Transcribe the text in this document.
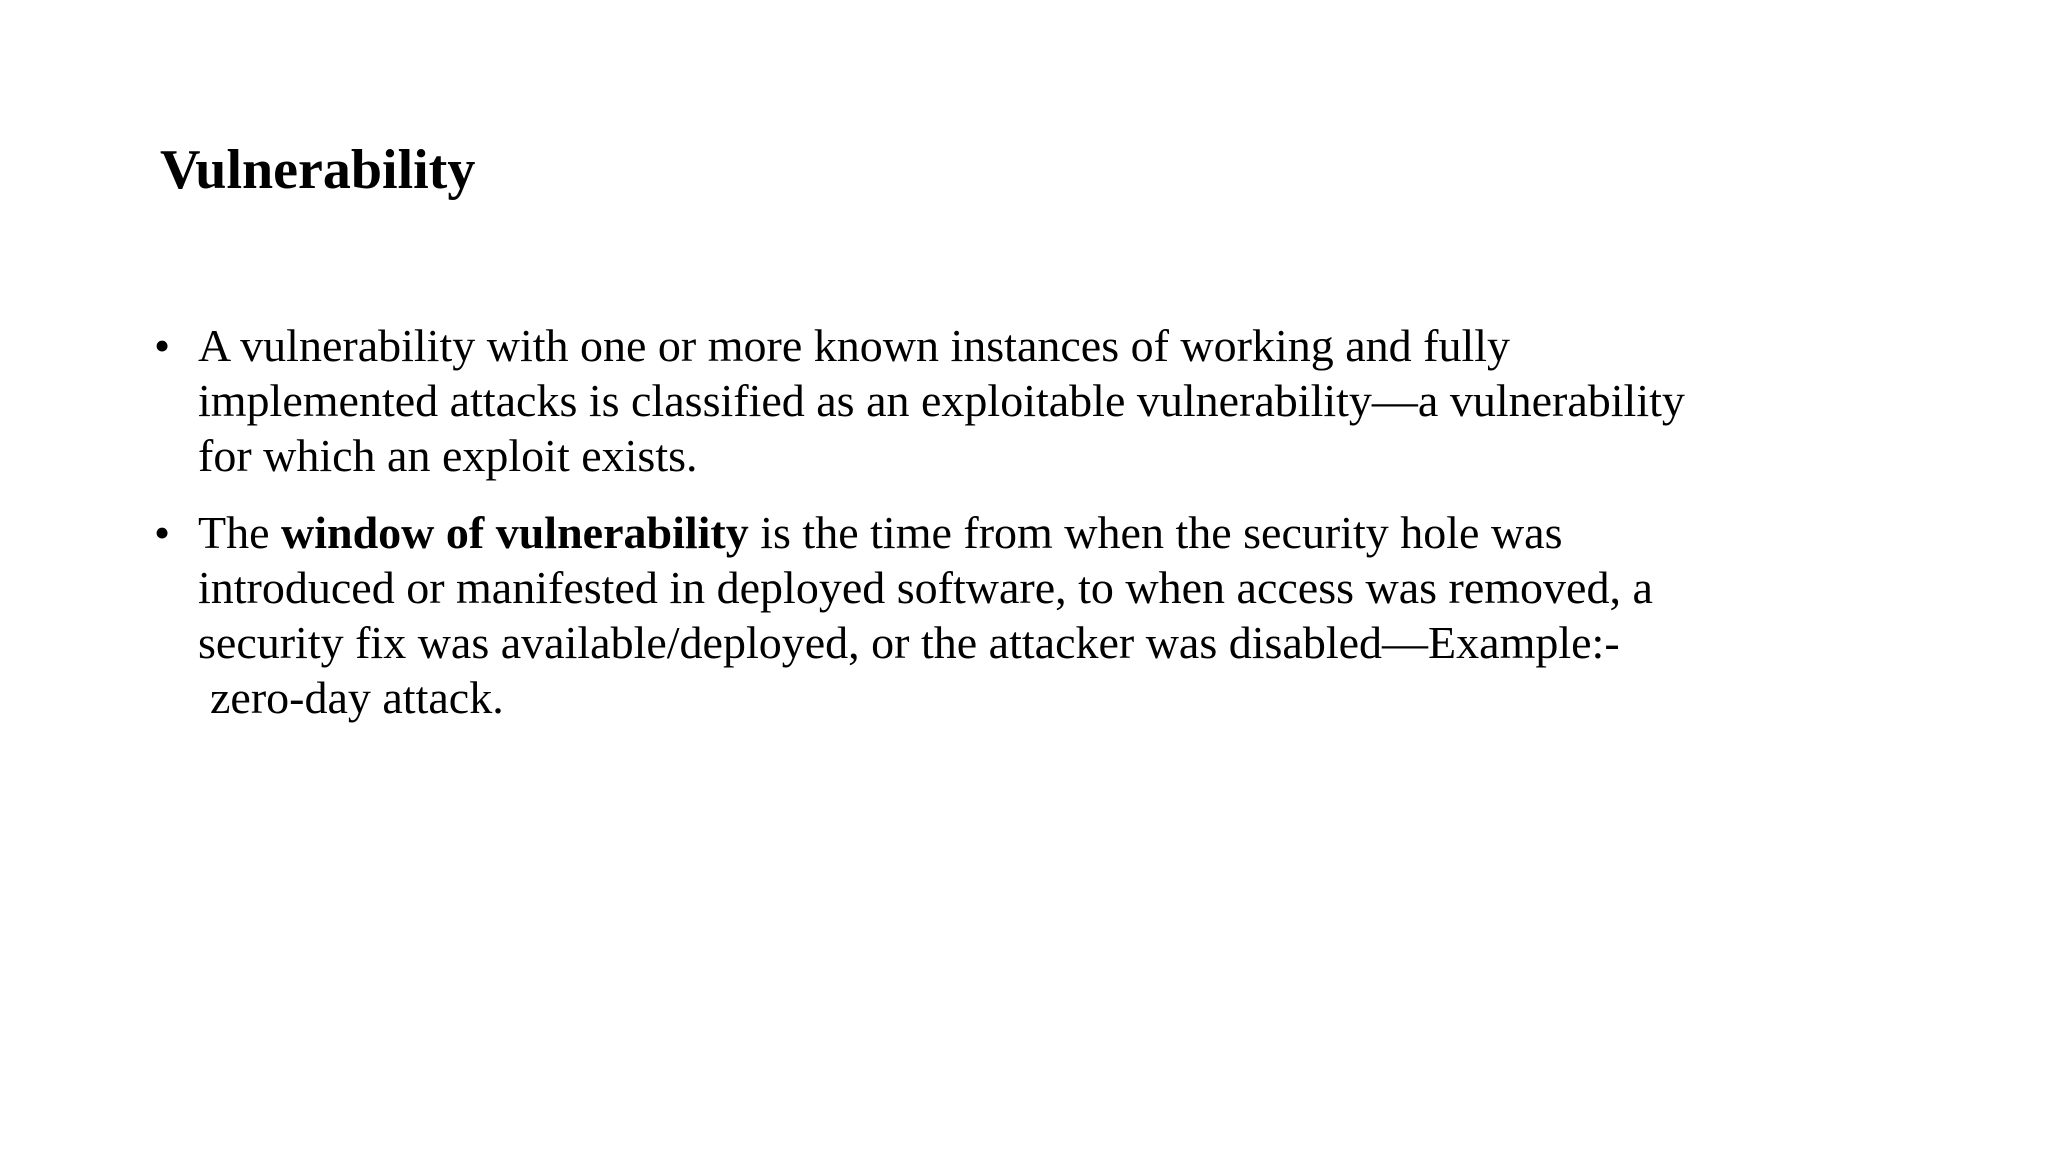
Vulnerability
• A vulnerability with one or more known instances of working and fully
implemented attacks is classified as an exploitable vulnerability—a vulnerability
for which an exploit exists.
• The window of vulnerability is the time from when the security hole was
introduced or manifested in deployed software, to when access was removed, a
security fix was available/deployed, or the attacker was disabled—Example:-
zero-day attack.
